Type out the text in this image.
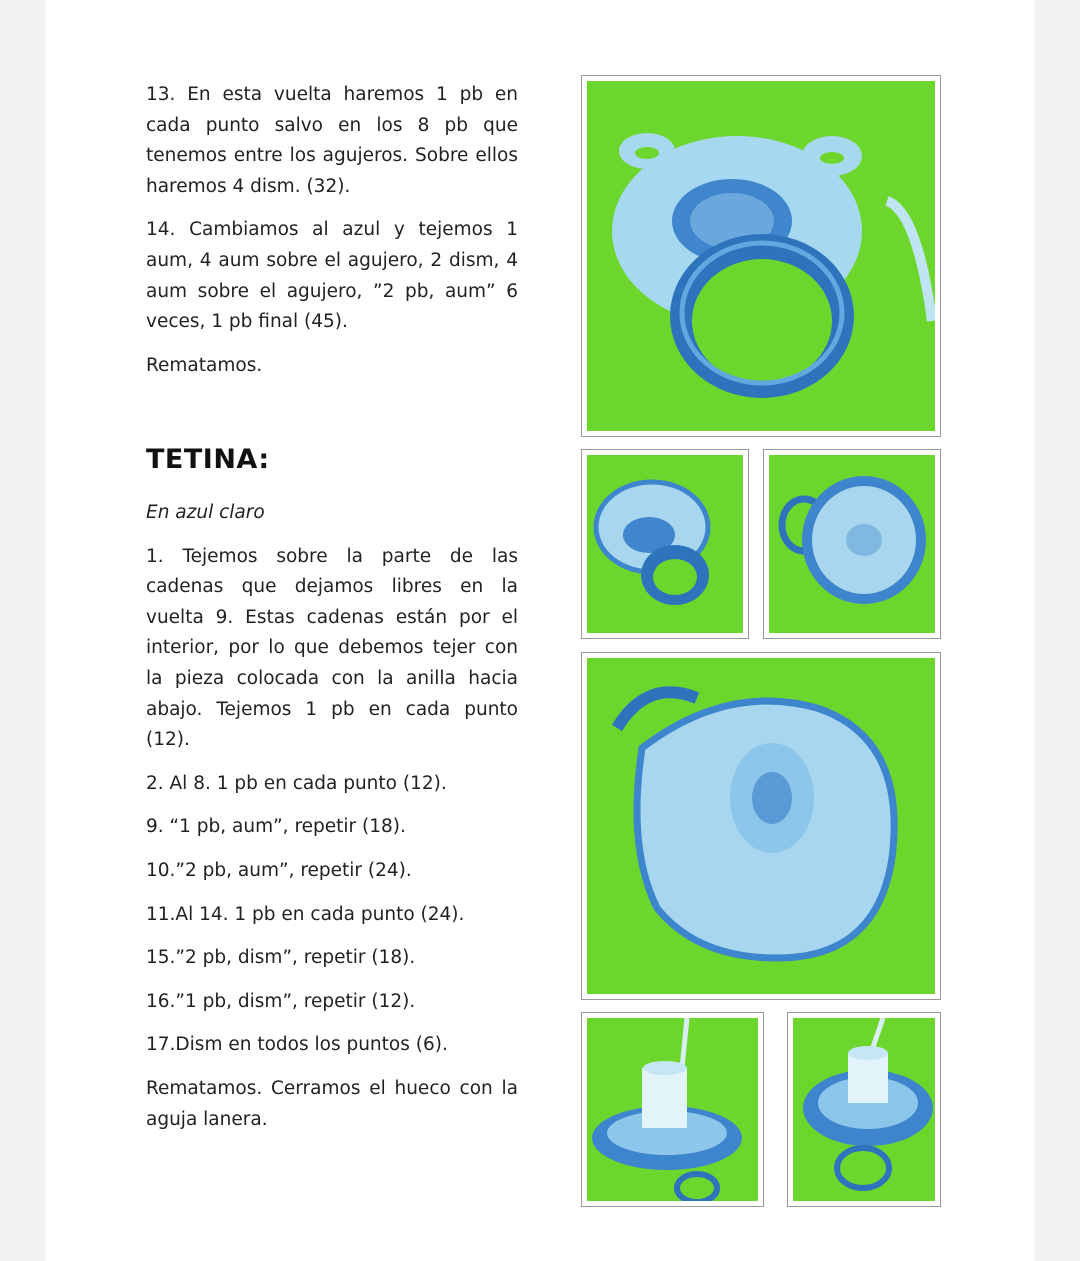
13. En esta vuelta haremos 1 pb en cada punto salvo en los 8 pb que tenemos entre los agujeros. Sobre ellos haremos 4 dism. (32).

14. Cambiamos al azul y tejemos 1 aum, 4 aum sobre el agujero, 2 dism, 4 aum sobre el agujero, ”2 pb, aum” 6 veces, 1 pb final (45).

Rematamos.

TETINA:

En azul claro

1. Tejemos sobre la parte de las cadenas que dejamos libres en la vuelta 9. Estas cadenas están por el interior, por lo que debemos tejer con la pieza colocada con la anilla hacia abajo. Tejemos 1 pb en cada punto (12).

2. Al 8. 1 pb en cada punto (12).

9. “1 pb, aum”, repetir (18).

10.”2 pb, aum”, repetir (24).

11.Al 14. 1 pb en cada punto (24).

15.”2 pb, dism”, repetir (18).

16.”1 pb, dism”, repetir (12).

17.Dism en todos los puntos (6).

Rematamos. Cerramos el hueco con la aguja lanera.
